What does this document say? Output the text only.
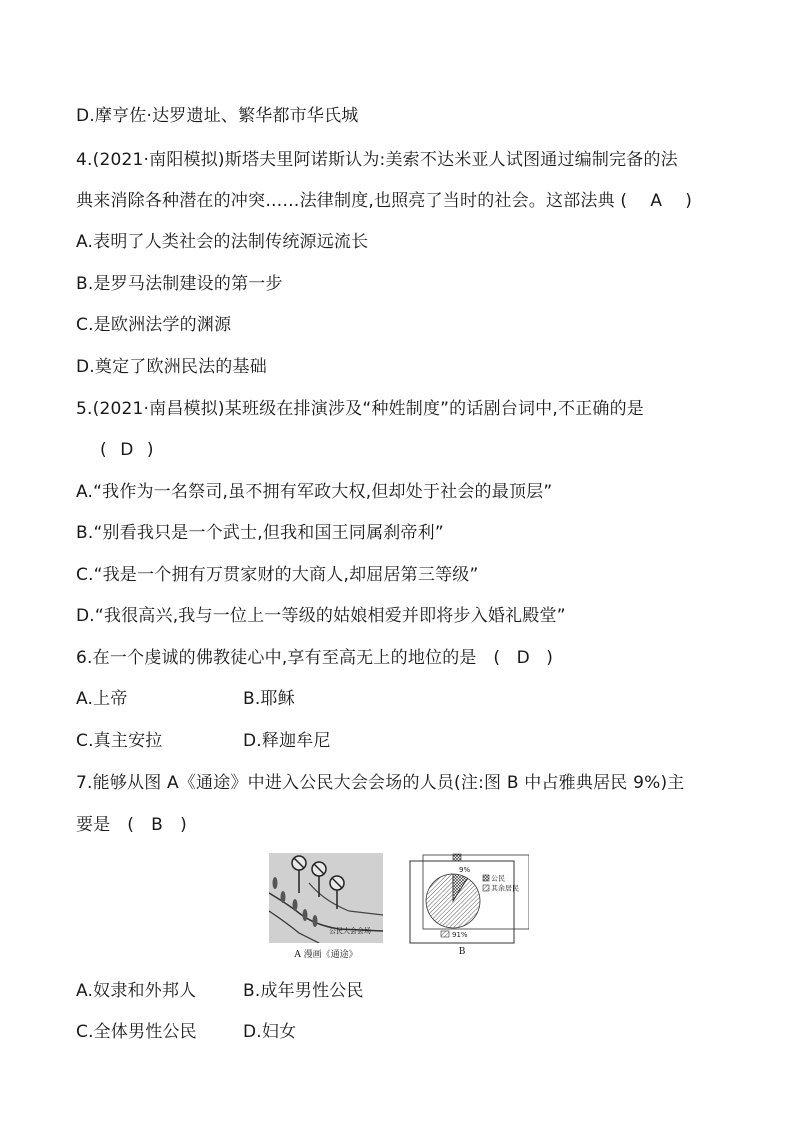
D.摩亨佐·达罗遗址、繁华都市华氏城
4.(2021·南阳模拟)斯塔夫里阿诺斯认为:美索不达米亚人试图通过编制完备的法
典来消除各种潜在的冲突……法律制度,也照亮了当时的社会。这部法典 ( A )
A.表明了人类社会的法制传统源远流长
B.是罗马法制建设的第一步
C.是欧洲法学的渊源
D.奠定了欧洲民法的基础
5.(2021·南昌模拟)某班级在排演涉及“种姓制度”的话剧台词中,不正确的是
( D )
A.“我作为一名祭司,虽不拥有军政大权,但却处于社会的最顶层”
B.“别看我只是一个武士,但我和国王同属刹帝利”
C.“我是一个拥有万贯家财的大商人,却屈居第三等级”
D.“我很高兴,我与一位上一等级的姑娘相爱并即将步入婚礼殿堂”
6.在一个虔诚的佛教徒心中,享有至高无上的地位的是   ( D )
A.上帝	B.耶稣
C.真主安拉	D.释迦牟尼
7.能够从图 A《通途》中进入公民大会会场的人员(注:图 B 中占雅典居民 9%)主
要是   ( B )
公民大会会场
A 漫画《通途》
9%
公民
其余居民
91%
B
A.奴隶和外邦人	B.成年男性公民
C.全体男性公民	D.妇女
